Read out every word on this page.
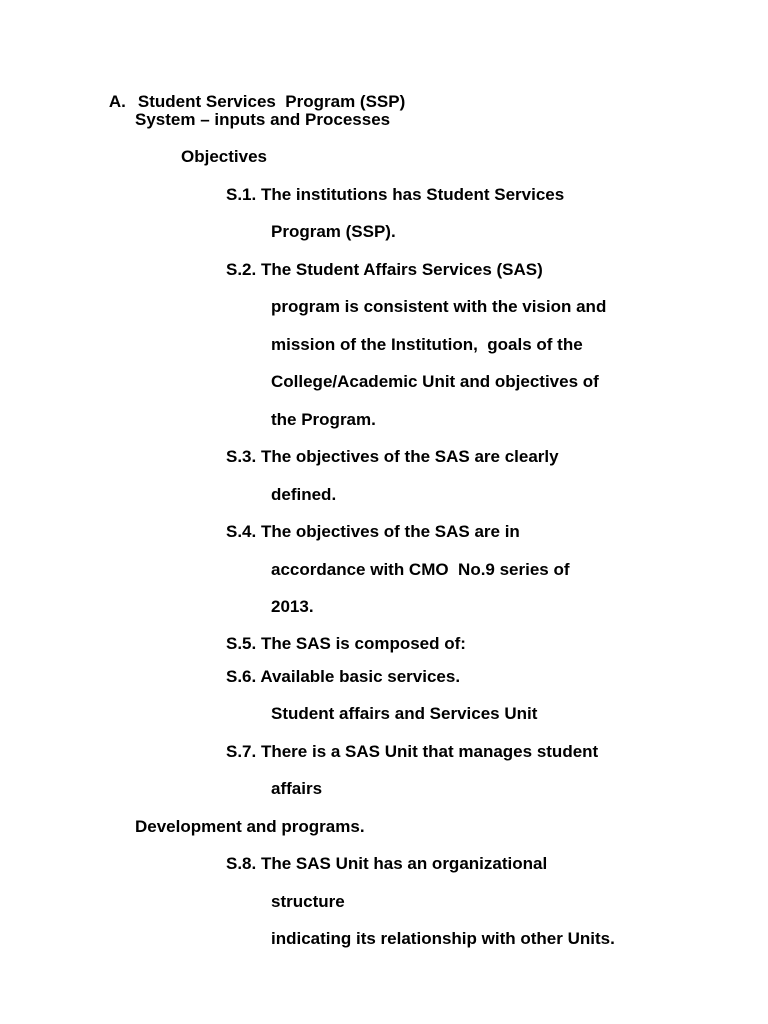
A. Student Services  Program (SSP)

System – inputs and Processes
Objectives
S.1. The institutions has Student Services
Program (SSP).
S.2. The Student Affairs Services (SAS)
program is consistent with the vision and
mission of the Institution,  goals of the
College/Academic Unit and objectives of
the Program.
S.3. The objectives of the SAS are clearly
defined.
S.4. The objectives of the SAS are in
accordance with CMO  No.9 series of
2013.
S.5. The SAS is composed of:
S.6. Available basic services.
Student affairs and Services Unit
S.7. There is a SAS Unit that manages student
affairs
Development and programs.
S.8. The SAS Unit has an organizational
structure
indicating its relationship with other Units.
